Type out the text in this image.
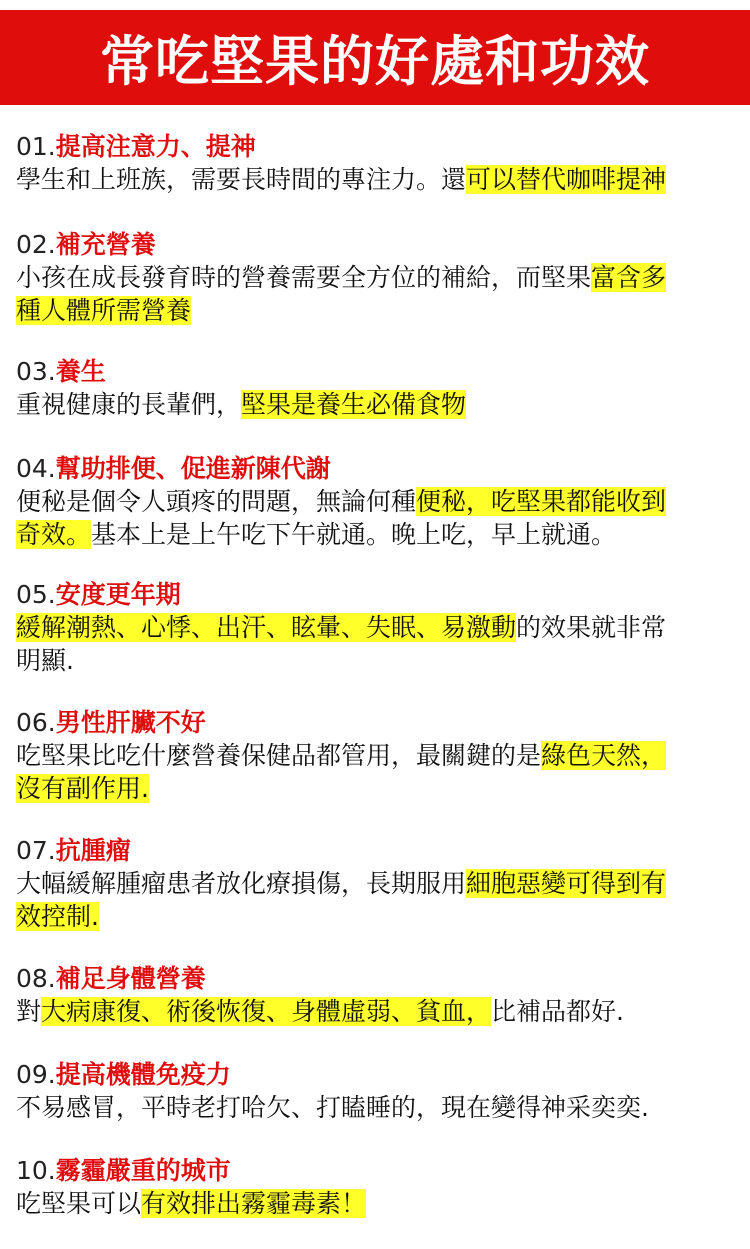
常吃堅果的好處和功效
01.提高注意力、提神
學生和上班族，需要長時間的專注力。還可以替代咖啡提神
02.補充營養
小孩在成長發育時的營養需要全方位的補給，而堅果富含多
種人體所需營養
03.養生
重視健康的長輩們，堅果是養生必備食物
04.幫助排便、促進新陳代謝
便秘是個令人頭疼的問題，無論何種便秘，吃堅果都能收到
奇效。基本上是上午吃下午就通。晚上吃，早上就通。
05.安度更年期
緩解潮熱、心悸、出汗、眩暈、失眠、易激動的效果就非常
明顯.
06.男性肝臟不好
吃堅果比吃什麼營養保健品都管用，最關鍵的是綠色天然，
沒有副作用.
07.抗腫瘤
大幅緩解腫瘤患者放化療損傷，長期服用細胞惡變可得到有
效控制.
08.補足身體營養
對大病康復、術後恢復、身體虛弱、貧血，比補品都好.
09.提高機體免疫力
不易感冒，平時老打哈欠、打瞌睡的，現在變得神采奕奕.
10.霧霾嚴重的城市
吃堅果可以有效排出霧霾毒素！
